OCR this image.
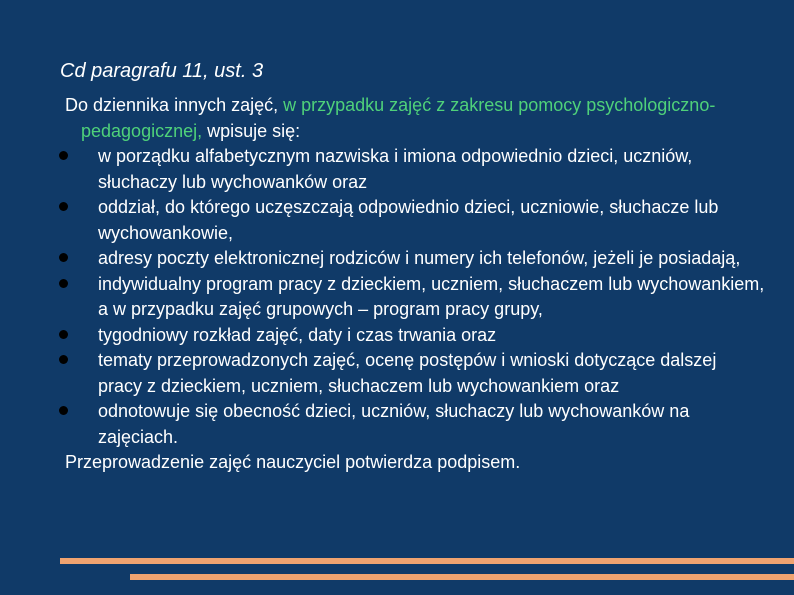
Cd paragrafu 11, ust. 3

Do dziennika innych zajęć, w przypadku zajęć z zakresu pomocy psychologiczno-pedagogicznej, wpisuje się:

w porządku alfabetycznym nazwiska i imiona odpowiednio dzieci, uczniów, słuchaczy lub wychowanków oraz
oddział, do którego uczęszczają odpowiednio dzieci, uczniowie, słuchacze lub wychowankowie,
adresy poczty elektronicznej rodziców i numery ich telefonów, jeżeli je posiadają,
indywidualny program pracy z dzieckiem, uczniem, słuchaczem lub wychowankiem, a w przypadku zajęć grupowych – program pracy grupy,
tygodniowy rozkład zajęć, daty i czas trwania oraz
tematy przeprowadzonych zajęć, ocenę postępów i wnioski dotyczące dalszej pracy z dzieckiem, uczniem, słuchaczem lub wychowankiem oraz
odnotowuje się obecność dzieci, uczniów, słuchaczy lub wychowanków na zajęciach.

Przeprowadzenie zajęć nauczyciel potwierdza podpisem.
